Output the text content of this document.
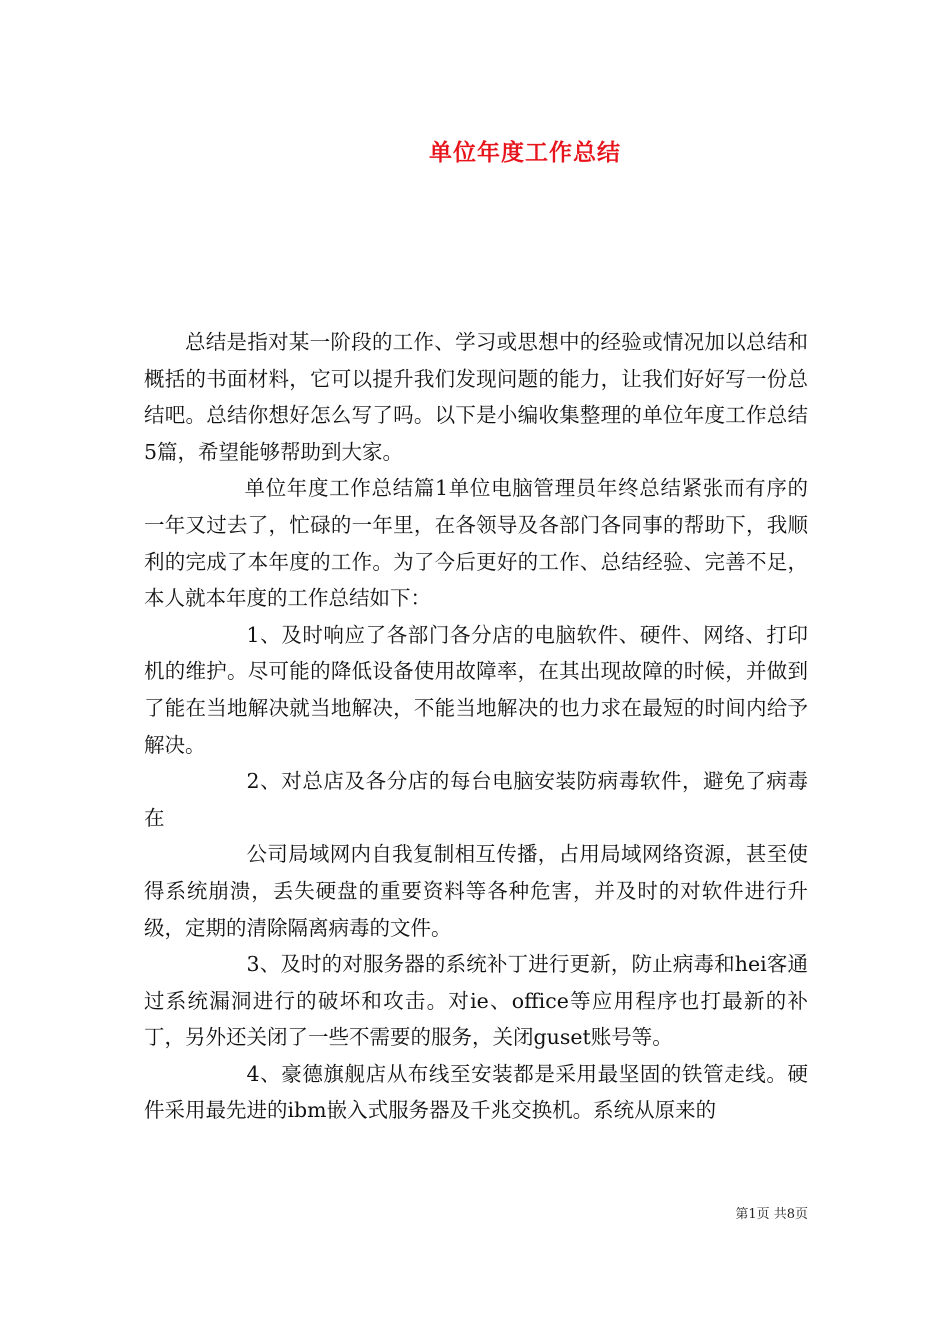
单位年度工作总结

总结是指对某一阶段的工作、学习或思想中的经验或情况加以总结和概括的书面材料，它可以提升我们发现问题的能力，让我们好好写一份总结吧。总结你想好怎么写了吗。以下是小编收集整理的单位年度工作总结5篇，希望能够帮助到大家。

单位年度工作总结篇1单位电脑管理员年终总结紧张而有序的一年又过去了，忙碌的一年里，在各领导及各部门各同事的帮助下，我顺利的完成了本年度的工作。为了今后更好的工作、总结经验、完善不足，本人就本年度的工作总结如下：

1、及时响应了各部门各分店的电脑软件、硬件、网络、打印机的维护。尽可能的降低设备使用故障率，在其出现故障的时候，并做到了能在当地解决就当地解决，不能当地解决的也力求在最短的时间内给予解决。

2、对总店及各分店的每台电脑安装防病毒软件，避免了病毒在

公司局域网内自我复制相互传播，占用局域网络资源，甚至使得系统崩溃，丢失硬盘的重要资料等各种危害，并及时的对软件进行升级，定期的清除隔离病毒的文件。

3、及时的对服务器的系统补丁进行更新，防止病毒和hei客通过系统漏洞进行的破坏和攻击。对ie、office等应用程序也打最新的补丁，另外还关闭了一些不需要的服务，关闭guset账号等。

4、豪德旗舰店从布线至安装都是采用最坚固的铁管走线。硬件采用最先进的ibm嵌入式服务器及千兆交换机。系统从原来的

第1页 共8页
